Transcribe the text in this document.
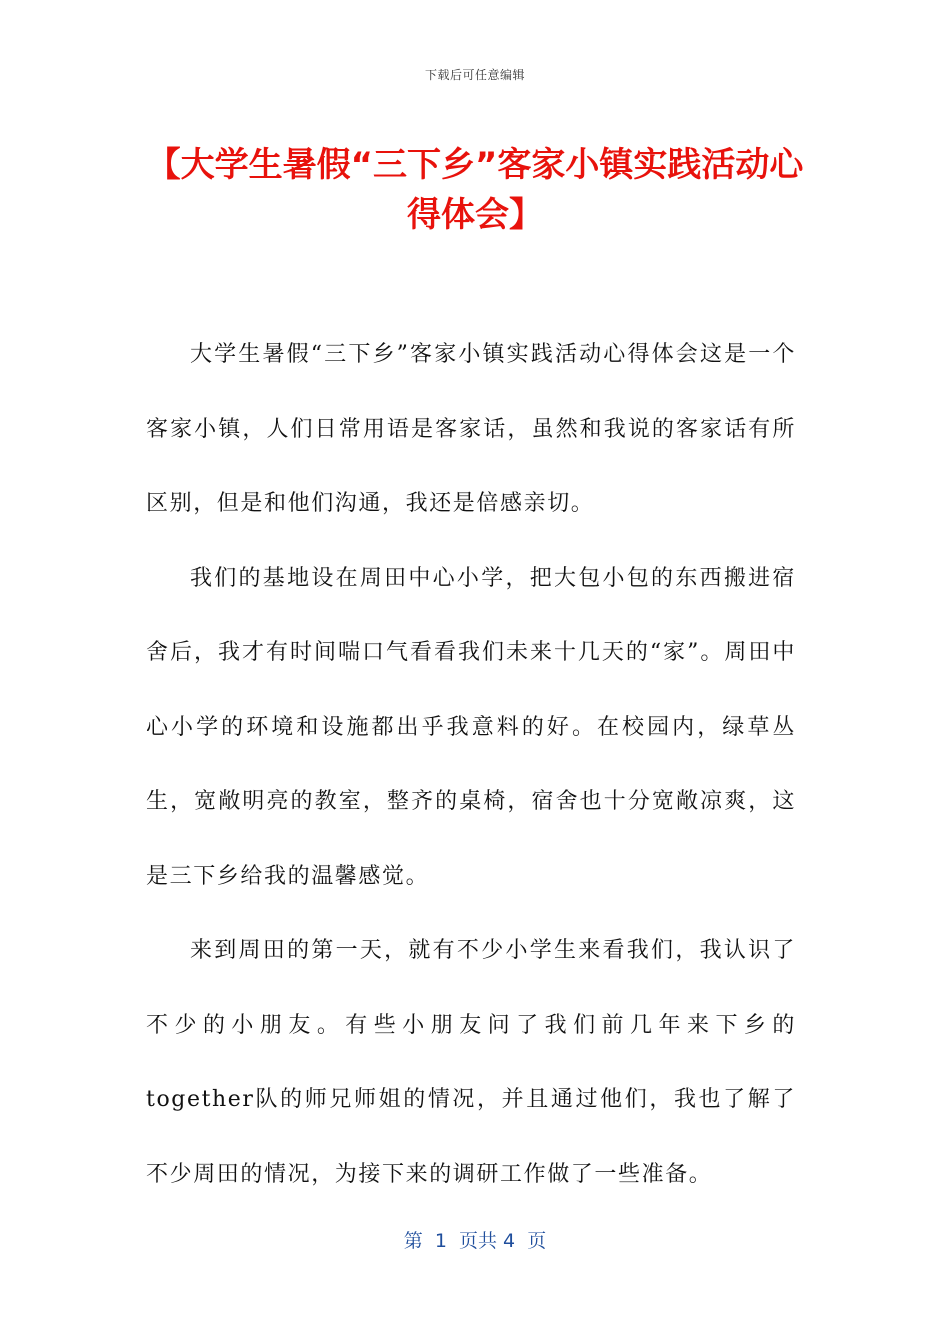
下载后可任意编辑
【大学生暑假“三下乡”客家小镇实践活动心得体会】

大学生暑假“三下乡”客家小镇实践活动心得体会这是一个客家小镇，人们日常用语是客家话，虽然和我说的客家话有所区别，但是和他们沟通，我还是倍感亲切。

我们的基地设在周田中心小学，把大包小包的东西搬进宿舍后，我才有时间喘口气看看我们未来十几天的“家”。周田中心小学的环境和设施都出乎我意料的好。在校园内，绿草丛生，宽敞明亮的教室，整齐的桌椅，宿舍也十分宽敞凉爽，这是三下乡给我的温馨感觉。

来到周田的第一天，就有不少小学生来看我们，我认识了不少的小朋友。有些小朋友问了我们前几年来下乡的together队的师兄师姐的情况，并且通过他们，我也了解了不少周田的情况，为接下来的调研工作做了一些准备。

第  1  页共 4  页
